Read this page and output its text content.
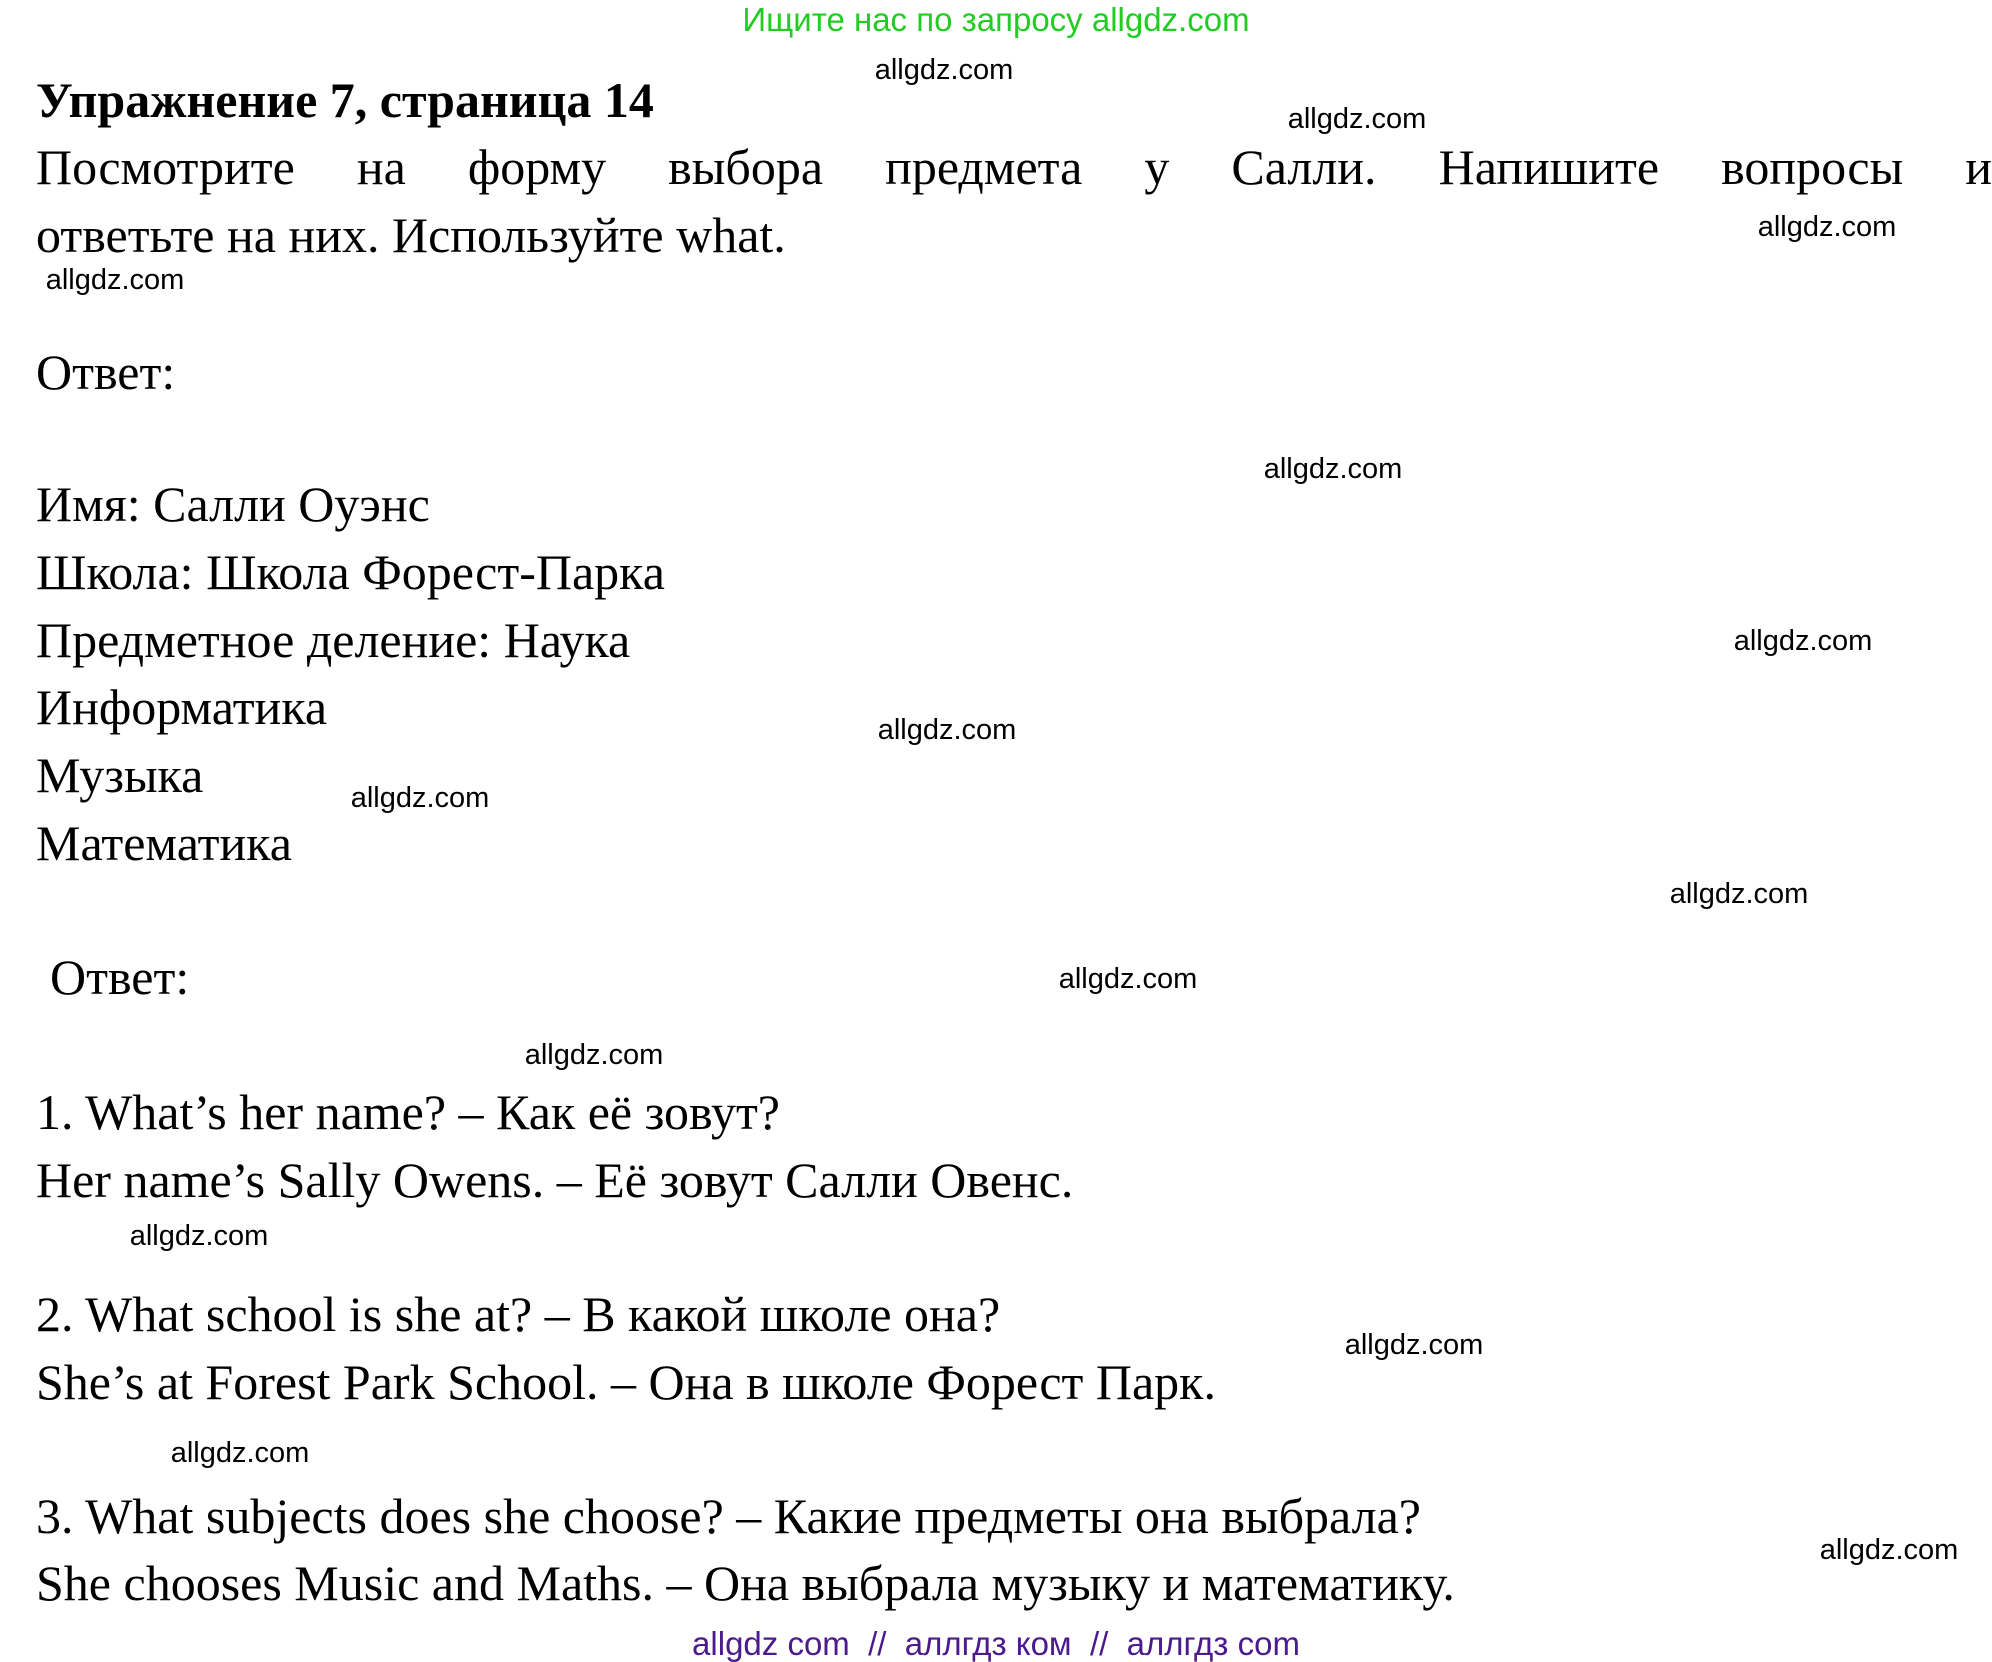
Ищите нас по запросу allgdz.com
Упражнение 7, страница 14
Посмотрите на форму выбора предмета у Салли. Напишите вопросы и
ответьте на них. Используйте what.
Ответ:
Имя: Салли Оуэнс
Школа: Школа Форест-Парка
Предметное деление: Наука
Информатика
Музыка
Математика
Ответ:
1. What’s her name? – Как её зовут?
Her name’s Sally Owens. – Её зовут Салли Овенс.
2. What school is she at? – В какой школе она?
She’s at Forest Park School. – Она в школе Форест Парк.
3. What subjects does she choose? – Какие предметы она выбрала?
She chooses Music and Maths. – Она выбрала музыку и математику.
allgdz.com
allgdz.com
allgdz.com
allgdz.com
allgdz.com
allgdz.com
allgdz.com
allgdz.com
allgdz.com
allgdz.com
allgdz.com
allgdz.com
allgdz.com
allgdz.com
allgdz.com
allgdz com  //  аллгдз ком  //  аллгдз com
